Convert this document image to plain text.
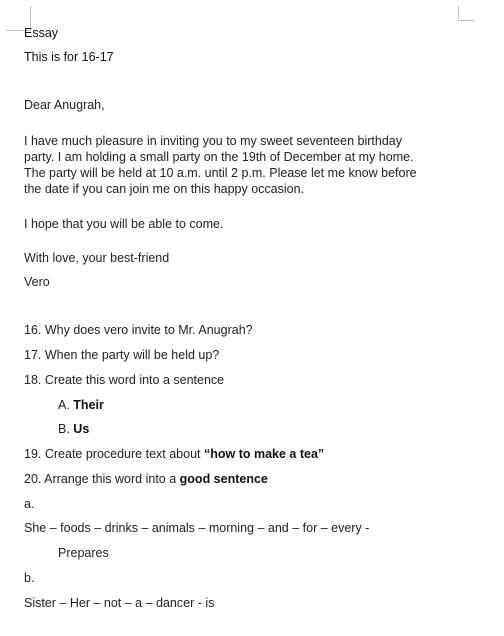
Essay
This is for 16-17
Dear Anugrah,
I have much pleasure in inviting you to my sweet seventeen birthday
party. I am holding a small party on the 19th of December at my home.
The party will be held at 10 a.m. until 2 p.m. Please let me know before
the date if you can join me on this happy occasion.
I hope that you will be able to come.
With love, your best-friend
Vero
16. Why does vero invite to Mr. Anugrah?
17. When the party will be held up?
18. Create this word into a sentence
A. Their
B. Us
19. Create procedure text about “how to make a tea”
20. Arrange this word into a good sentence
a.
She – foods – drinks – animals – morning – and – for – every -
Prepares
b.
Sister – Her – not – a – dancer - is
